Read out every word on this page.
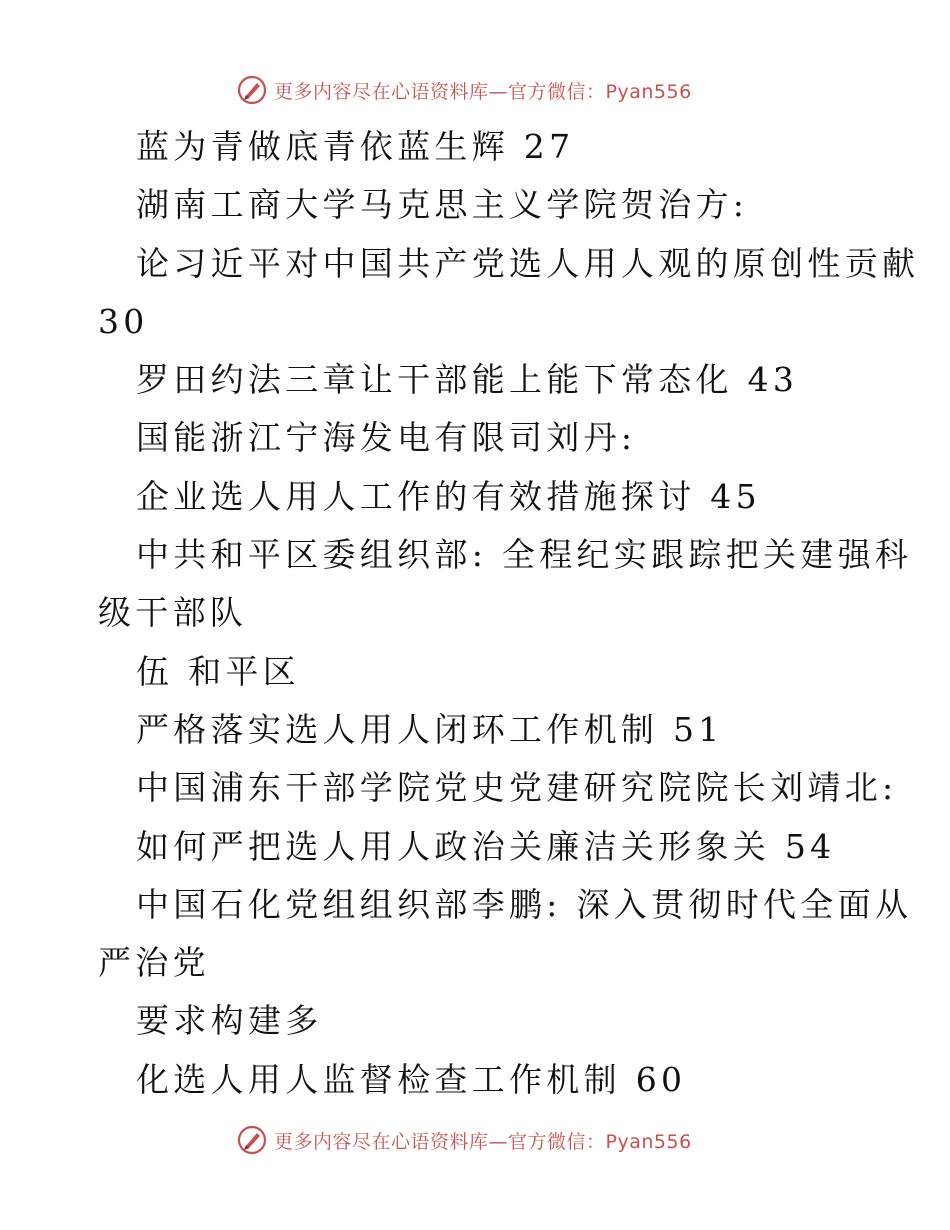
更多内容尽在心语资料库—官方微信：Pyan556

蓝为青做底青依蓝生辉 27

湖南工商大学马克思主义学院贺治方:

论习近平对中国共产党选人用人观的原创性贡献

30

罗田约法三章让干部能上能下常态化 43

国能浙江宁海发电有限司刘丹:

企业选人用人工作的有效措施探讨 45

中共和平区委组织部: 全程纪实跟踪把关建强科

级干部队

伍 和平区

严格落实选人用人闭环工作机制 51

中国浦东干部学院党史党建研究院院长刘靖北:

如何严把选人用人政治关廉洁关形象关 54

中国石化党组组织部李鹏: 深入贯彻时代全面从

严治党

要求构建多

化选人用人监督检查工作机制 60

更多内容尽在心语资料库—官方微信：Pyan556
